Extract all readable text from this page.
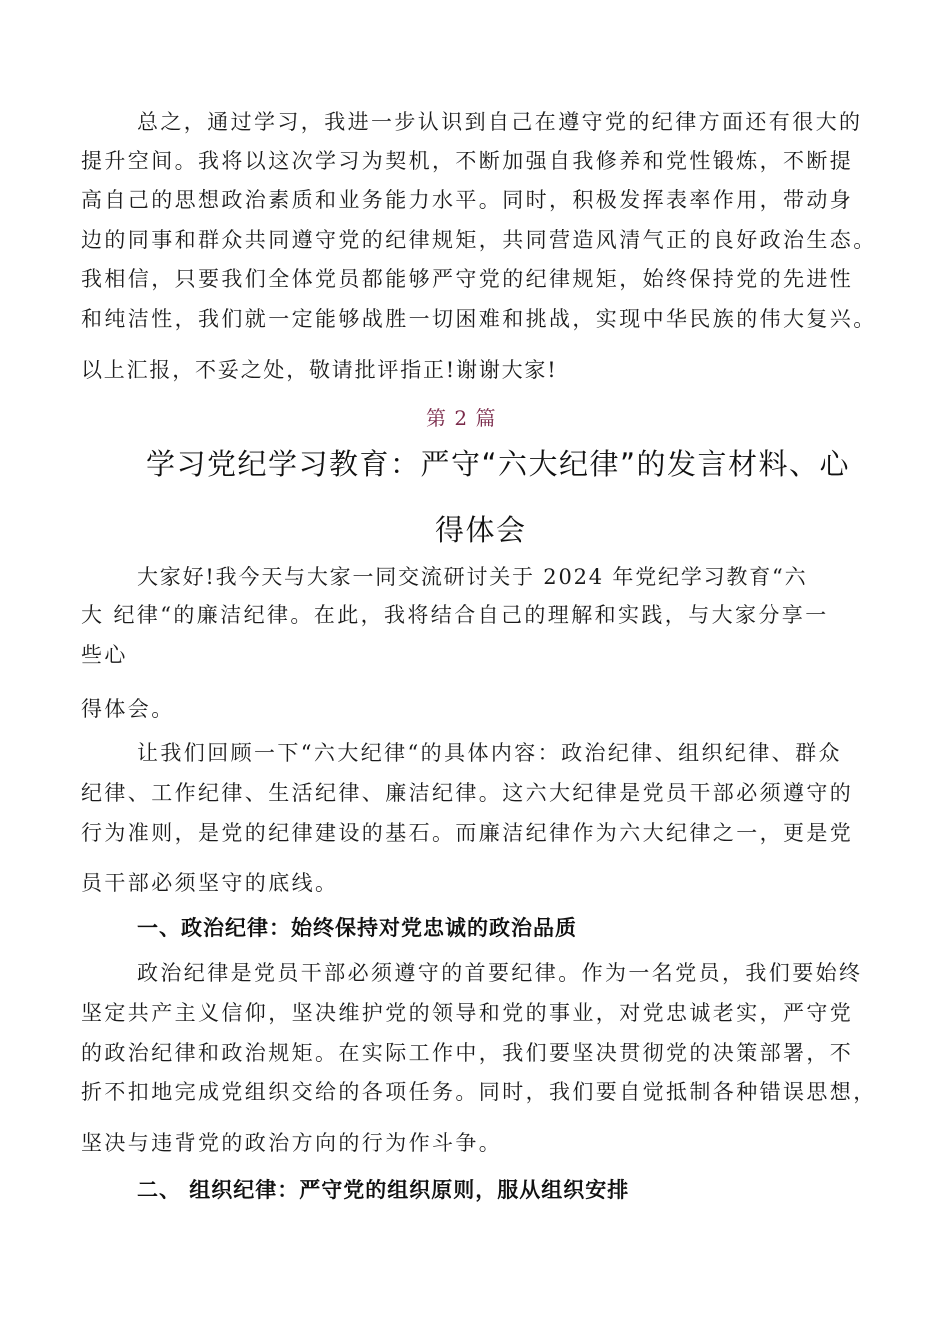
总之，通过学习，我进一步认识到自己在遵守党的纪律方面还有很大的
提升空间。我将以这次学习为契机，不断加强自我修养和党性锻炼，不断提
高自己的思想政治素质和业务能力水平。同时，积极发挥表率作用，带动身
边的同事和群众共同遵守党的纪律规矩，共同营造风清气正的良好政治生态。
我相信，只要我们全体党员都能够严守党的纪律规矩，始终保持党的先进性
和纯洁性，我们就一定能够战胜一切困难和挑战，实现中华民族的伟大复兴。
以上汇报，不妥之处，敬请批评指正!谢谢大家!
第 2 篇
学习党纪学习教育：严守“六大纪律”的发言材料、心
得体会
大家好!我今天与大家一同交流研讨关于 2024 年党纪学习教育“六
大 纪律“的廉洁纪律。在此，我将结合自己的理解和实践，与大家分享一
些心
得体会。
让我们回顾一下“六大纪律“的具体内容：政治纪律、组织纪律、群众
纪律、工作纪律、生活纪律、廉洁纪律。这六大纪律是党员干部必须遵守的
行为准则，是党的纪律建设的基石。而廉洁纪律作为六大纪律之一，更是党
员干部必须坚守的底线。
一、政治纪律：始终保持对党忠诚的政治品质
政治纪律是党员干部必须遵守的首要纪律。作为一名党员，我们要始终
坚定共产主义信仰，坚决维护党的领导和党的事业，对党忠诚老实，严守党
的政治纪律和政治规矩。在实际工作中，我们要坚决贯彻党的决策部署，不
折不扣地完成党组织交给的各项任务。同时，我们要自觉抵制各种错误思想，
坚决与违背党的政治方向的行为作斗争。
二、 组织纪律：严守党的组织原则，服从组织安排
